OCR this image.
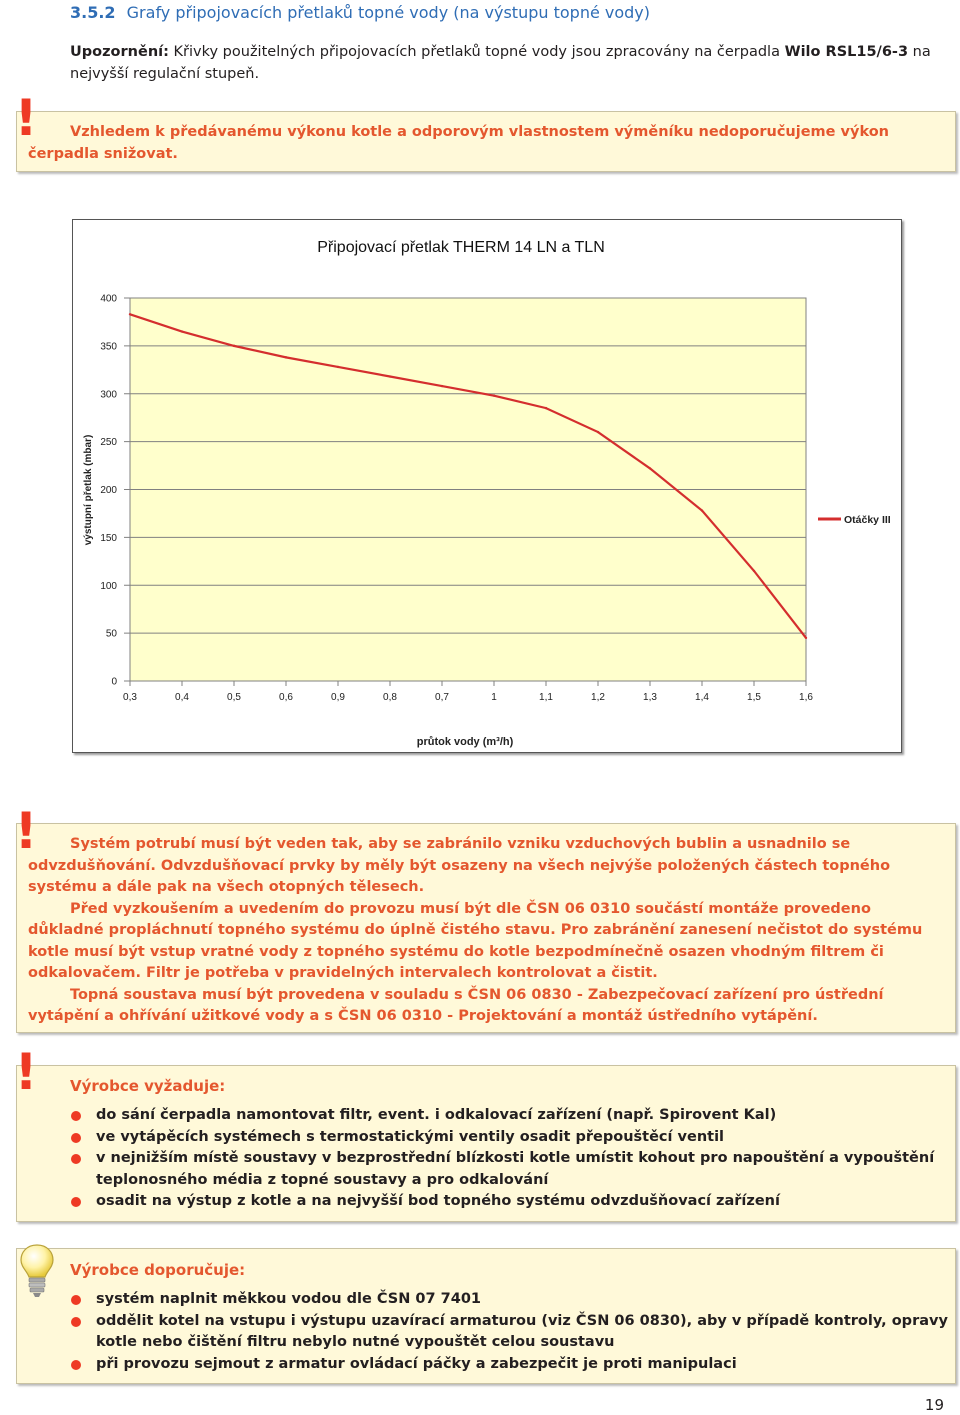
3.5.2 Grafy připojovacích přetlaků topné vody (na výstupu topné vody)
Upozornění: Křivky použitelných připojovacích přetlaků topné vody jsou zpracovány na čerpadla Wilo RSL15/6-3 na nejvyšší regulační stupeň.
Vzhledem k předávanému výkonu kotle a odporovým vlastnostem výměníku nedoporučujeme výkon čerpadla snižovat.
!
0
50
100
150
200
250
300
350
400
0,3	0,4	0,5	0,6	0,9	0,8	0,7	1	1,1	1,2	1,3	1,4	1,5	1,6
Připojovací přetlak THERM 14 LN a TLN
průtok vody (m³/h)
výstupní přetlak (mbar)	Otáčky III
Systém potrubí musí být veden tak, aby se zabránilo vzniku vzduchových bublin a usnadnilo se odvzdušňování. Odvzdušňovací prvky by měly být osazeny na všech nejvýše položených částech topného systému a dále pak na všech otopných tělesech.
Před vyzkoušením a uvedením do provozu musí být dle ČSN 06 0310 součástí montáže provedeno důkladné propláchnutí topného systému do úplně čistého stavu. Pro zabránění zanesení nečistot do systému kotle musí být vstup vratné vody z topného systému do kotle bezpodmínečně osazen vhodným filtrem či odkalovačem. Filtr je potřeba v pravidelných intervalech kontrolovat a čistit.
Topná soustava musí být provedena v souladu s ČSN 06 0830 - Zabezpečovací zařízení pro ústřední vytápění a ohřívání užitkové vody a s ČSN 06 0310 - Projektování a montáž ústředního vytápění.
!
Výrobce vyžaduje:
do sání čerpadla namontovat filtr, event. i odkalovací zařízení (např. Spirovent Kal)
ve vytápěcích systémech s termostatickými ventily osadit přepouštěcí ventil
v nejnižším místě soustavy v bezprostřední blízkosti kotle umístit kohout pro napouštění a vypouštění teplonosného média z topné soustavy a pro odkalování
osadit na výstup z kotle a na nejvyšší bod topného systému odvzdušňovací zařízení
!
Výrobce doporučuje:
systém naplnit měkkou vodou dle ČSN 07 7401
oddělit kotel na vstupu i výstupu uzavírací armaturou (viz ČSN 06 0830), aby v případě kontroly, opravy kotle nebo čištění filtru nebylo nutné vypouštět celou soustavu
při provozu sejmout z armatur ovládací páčky a zabezpečit je proti manipulaci
19
